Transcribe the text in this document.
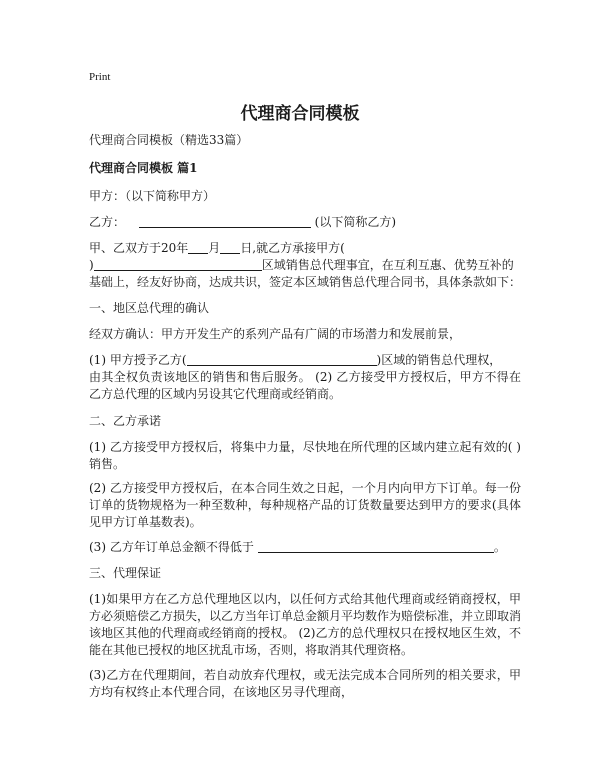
Print
代理商合同模板
代理商合同模板（精选33篇）
代理商合同模板 篇1
甲方：（以下简称甲方）
乙方：	(以下简称乙方)
甲、乙双方于20年 月 日,就乙方承接甲方(
)	区域销售总代理事宜，在互利互惠、优势互补的
基础上，经友好协商，达成共识，签定本区域销售总代理合同书，具体条款如下：
一、地区总代理的确认
经双方确认：甲方开发生产的系列产品有广阔的市场潜力和发展前景，
(1) 甲方授予乙方(	)区域的销售总代理权，
由其全权负责该地区的销售和售后服务。 (2) 乙方接受甲方授权后，甲方不得在乙方总代理的区域内另设其它代理商或经销商。
二、乙方承诺
(1) 乙方接受甲方授权后，将集中力量，尽快地在所代理的区域内建立起有效的( )销售。
(2) 乙方接受甲方授权后，在本合同生效之日起，一个月内向甲方下订单。每一份订单的货物规格为一种至数种，每种规格产品的订货数量要达到甲方的要求(具体见甲方订单基数表)。
(3) 乙方年订单总金额不得低于	。
三、代理保证
(1)如果甲方在乙方总代理地区以内，以任何方式给其他代理商或经销商授权，甲方必须赔偿乙方损失，以乙方当年订单总金额月平均数作为赔偿标准，并立即取消该地区其他的代理商或经销商的授权。 (2)乙方的总代理权只在授权地区生效，不能在其他已授权的地区扰乱市场，否则，将取消其代理资格。
(3)乙方在代理期间，若自动放弃代理权，或无法完成本合同所列的相关要求，甲方均有权终止本代理合同，在该地区另寻代理商，
